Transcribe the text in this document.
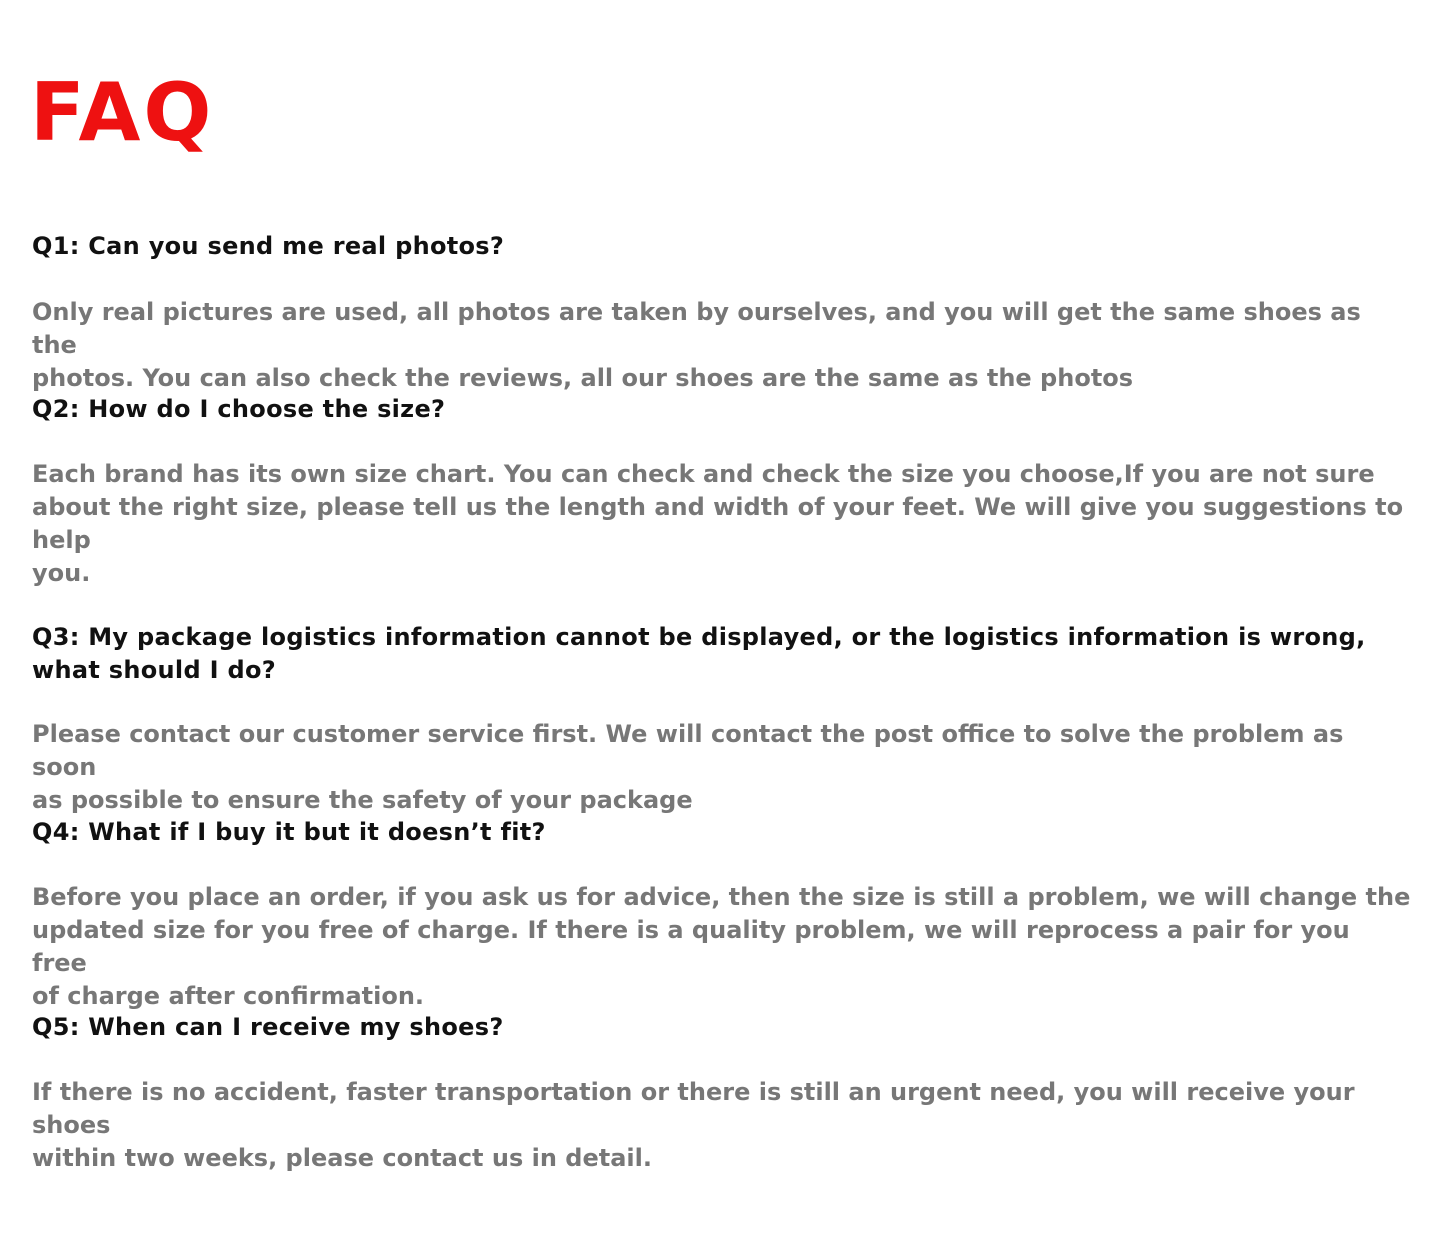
FAQ

Q1: Can you send me real photos?

Only real pictures are used, all photos are taken by ourselves, and you will get the same shoes as the
photos. You can also check the reviews, all our shoes are the same as the photos

Q2: How do I choose the size?

Each brand has its own size chart. You can check and check the size you choose,If you are not sure
about the right size, please tell us the length and width of your feet. We will give you suggestions to help
you.

Q3: My package logistics information cannot be displayed, or the logistics information is wrong,
what should I do?

Please contact our customer service first. We will contact the post office to solve the problem as soon
as possible to ensure the safety of your package

Q4: What if I buy it but it doesn’t fit?

Before you place an order, if you ask us for advice, then the size is still a problem, we will change the
updated size for you free of charge. If there is a quality problem, we will reprocess a pair for you free
of charge after confirmation.

Q5: When can I receive my shoes?

If there is no accident, faster transportation or there is still an urgent need, you will receive your shoes
within two weeks, please contact us in detail.
